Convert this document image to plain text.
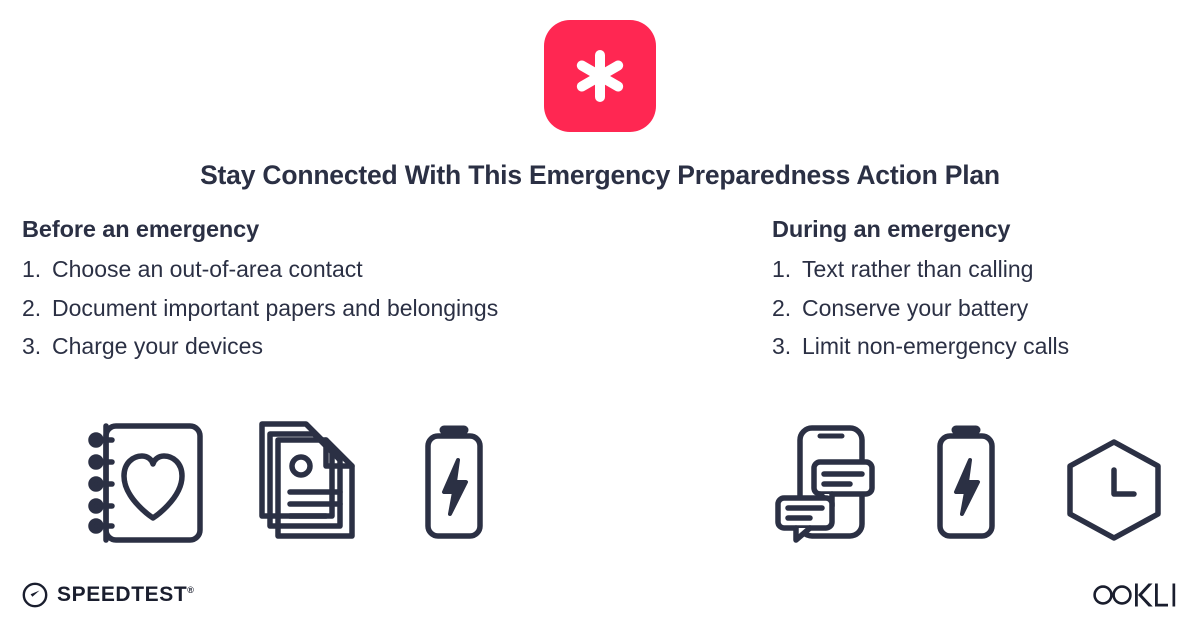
Stay Connected With This Emergency Preparedness Action Plan
Before an emergency
1. Choose an out-of-area contact
2. Document important papers and belongings
3. Charge your devices
During an emergency
1. Text rather than calling
2. Conserve your battery
3. Limit non-emergency calls
SPEEDTEST®
